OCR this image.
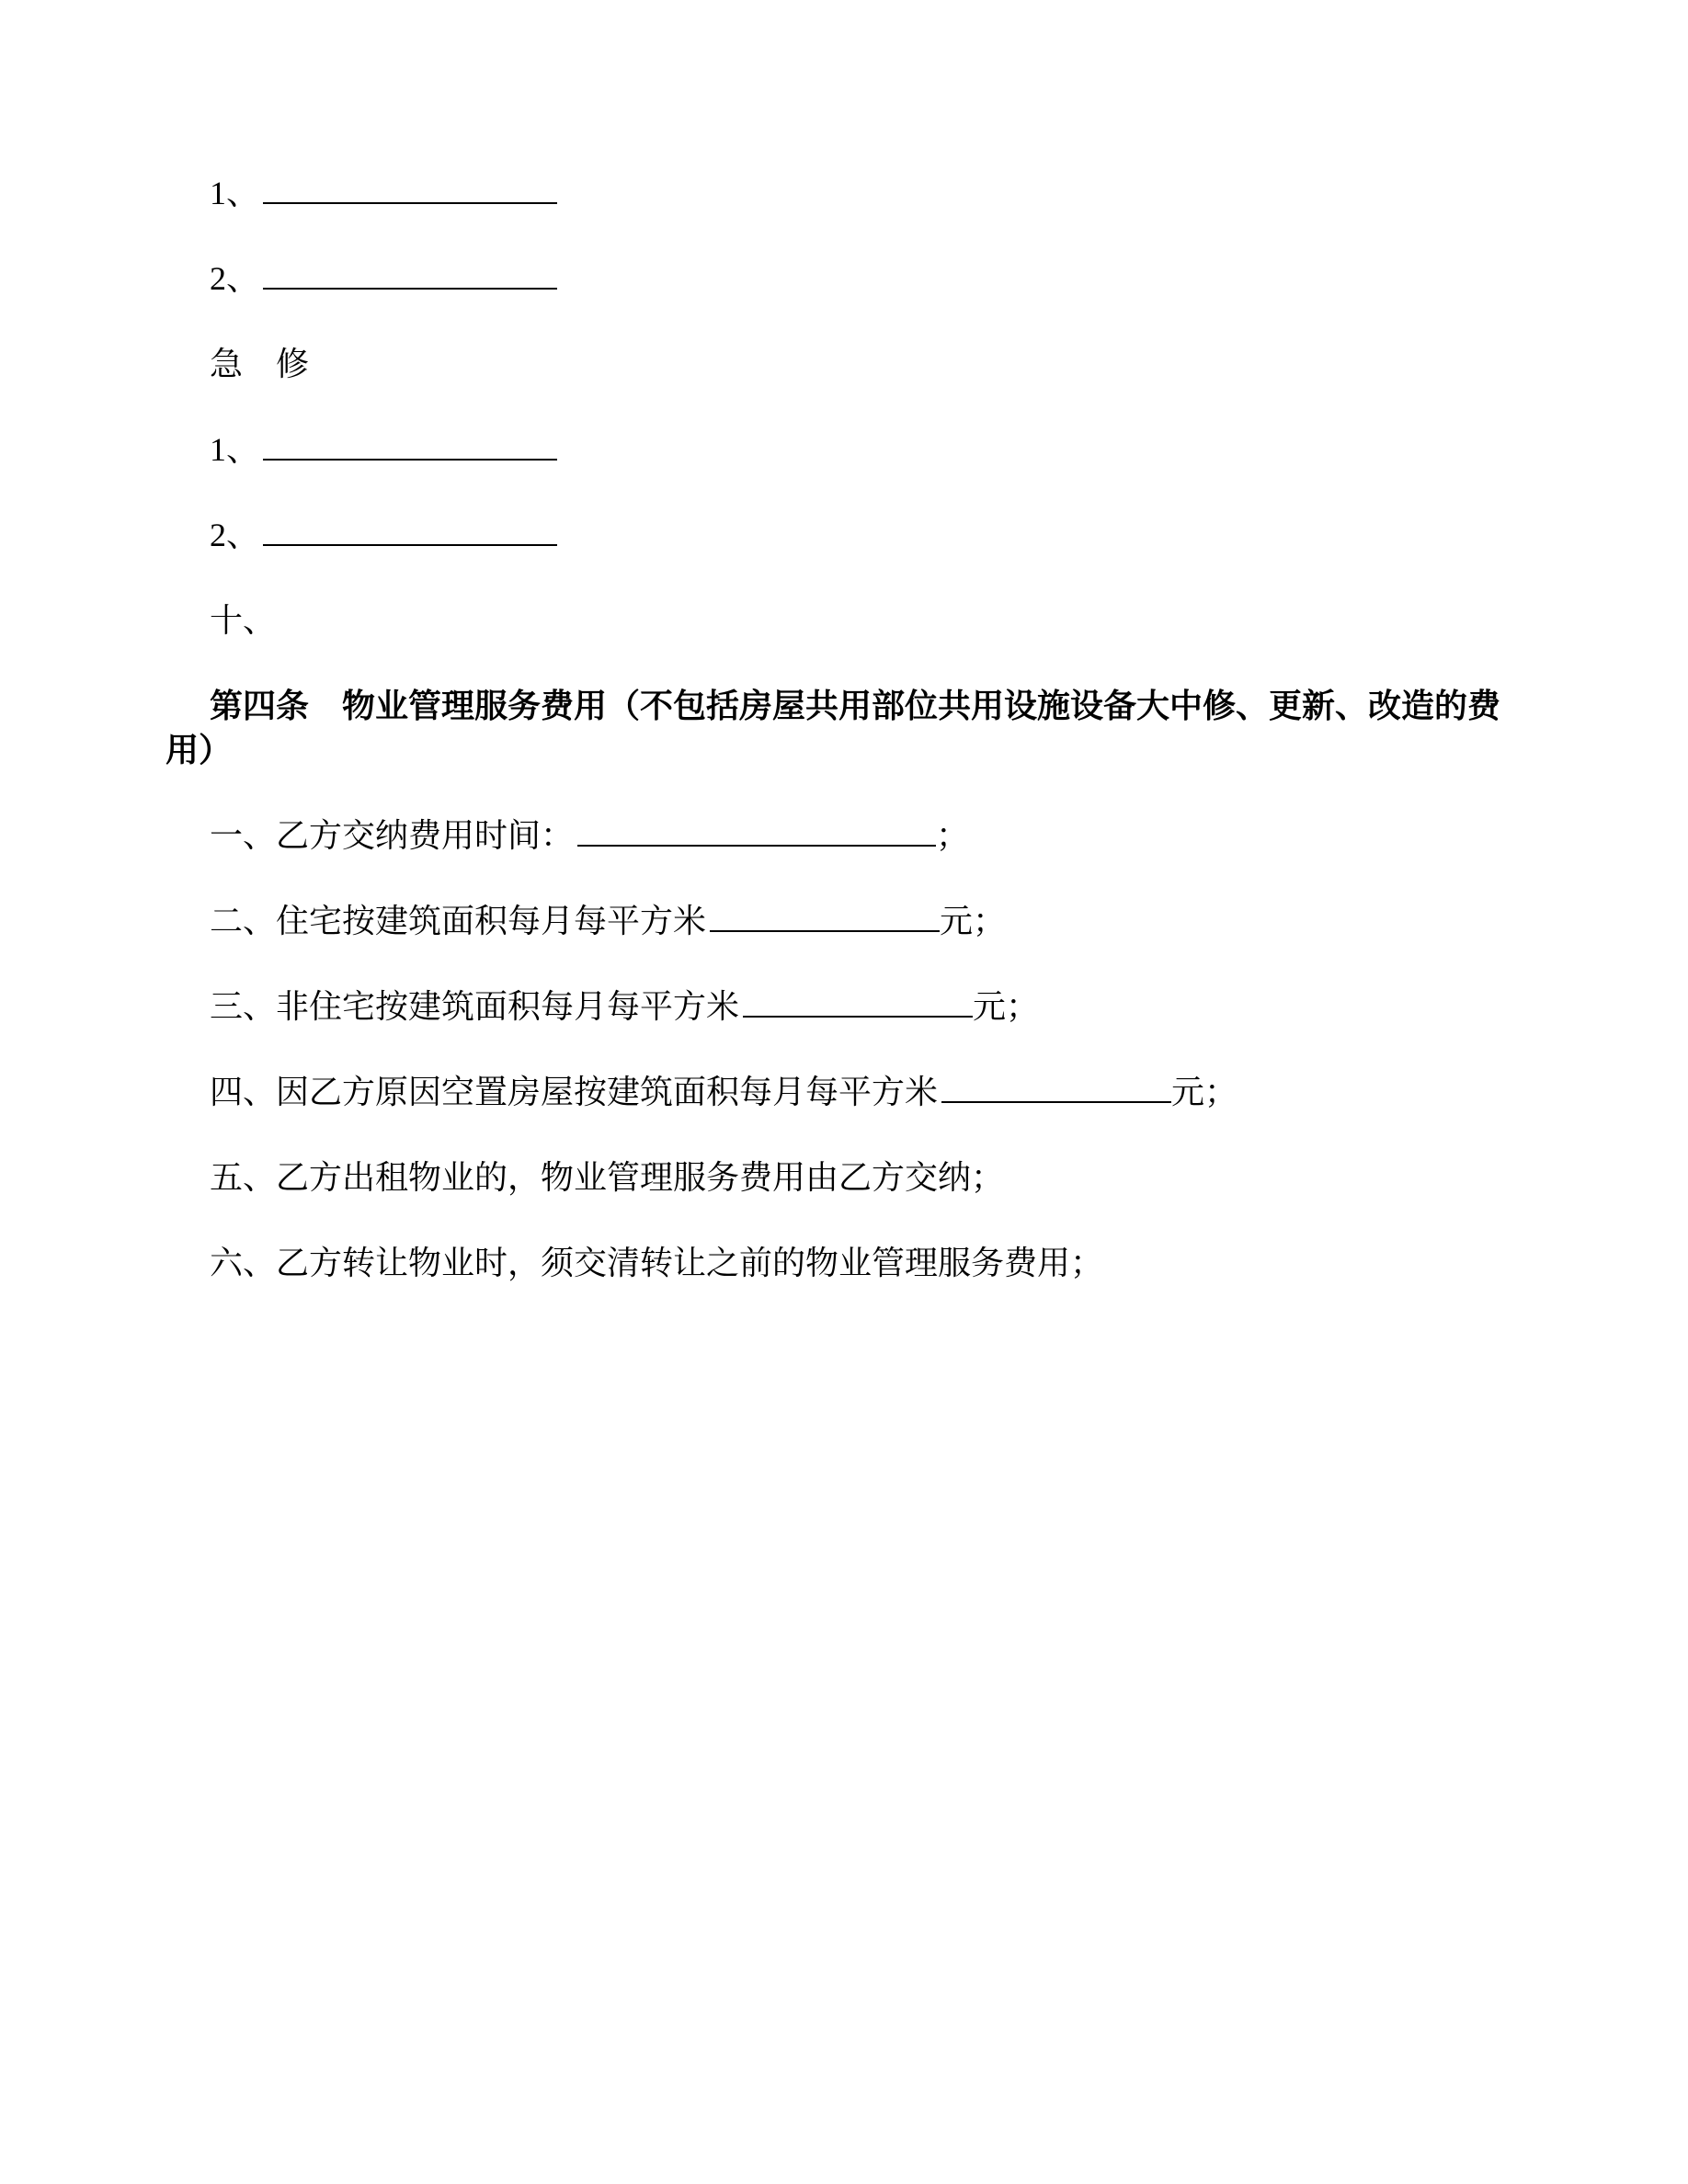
1、

2、

急　修

1、

2、

十、

第四条　物业管理服务费用（不包括房屋共用部位共用设施设备大中修、更新、改造的费用）

一、乙方交纳费用时间：	；

二、住宅按建筑面积每月每平方米	元；

三、非住宅按建筑面积每月每平方米	元；

四、因乙方原因空置房屋按建筑面积每月每平方米	元；

五、乙方出租物业的，物业管理服务费用由乙方交纳；

六、乙方转让物业时，须交清转让之前的物业管理服务费用；
